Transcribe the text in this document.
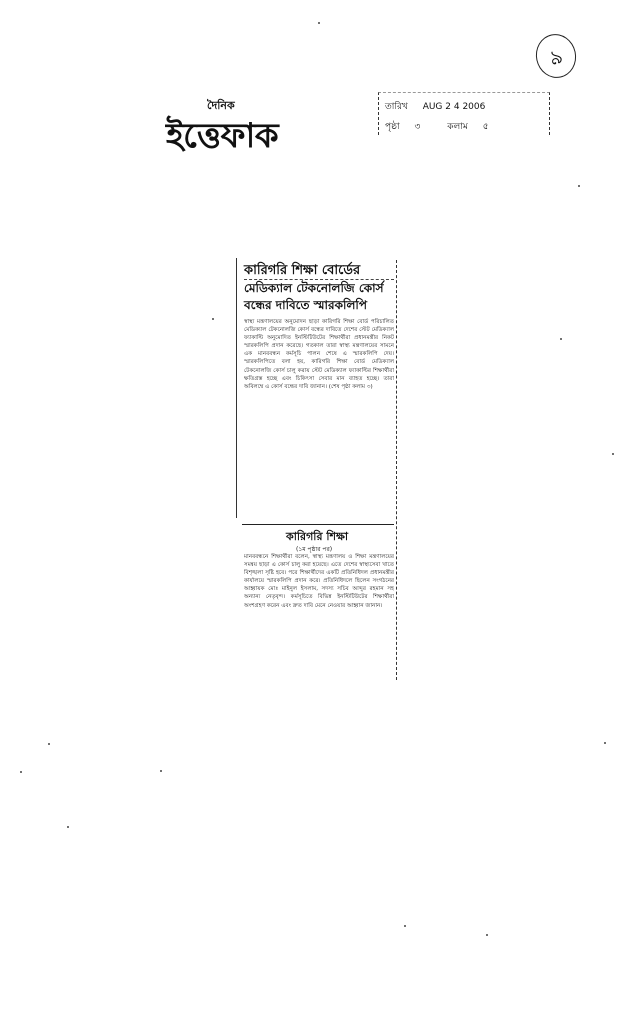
৯
দৈনিক
ইত্তেফাক
তারিখ AUG 2 4 2006
পৃষ্ঠা ৩	কলাম ৫
কারিগরি শিক্ষা বোর্ডের
মেডিক্যাল টেকনোলজি কোর্স
বন্ধের দাবিতে স্মারকলিপি
স্বাস্থ্য মন্ত্রণালয়ের অনুমোদন ছাড়া কারিগরি শিক্ষা বোর্ড পরিচালিত মেডিক্যাল টেকনোলজি কোর্স বন্ধের দাবিতে দেশের স্টেট মেডিক্যাল ফ্যাকাল্টি অনুমোদিত ইনস্টিটিউটের শিক্ষার্থীরা প্রধানমন্ত্রীর নিকট স্মারকলিপি প্রদান করেছে। গতকাল তারা স্বাস্থ্য মন্ত্রণালয়ের সামনে এক মানববন্ধন কর্মসূচি পালন শেষে এ স্মারকলিপি দেয়। স্মারকলিপিতে বলা হয়, কারিগরি শিক্ষা বোর্ড মেডিক্যাল টেকনোলজি কোর্স চালু করায় স্টেট মেডিক্যাল ফ্যাকাল্টির শিক্ষার্থীরা ক্ষতিগ্রস্ত হচ্ছে এবং চিকিৎসা সেবার মান ব্যাহত হচ্ছে। তারা অবিলম্বে এ কোর্স বন্ধের দাবি জানান। (শেষ পৃষ্ঠা কলাম ৩)
কারিগরি শিক্ষা
(১ম পৃষ্ঠার পর)
মানববন্ধনে শিক্ষার্থীরা বলেন, স্বাস্থ্য মন্ত্রণালয় ও শিক্ষা মন্ত্রণালয়ের সমন্বয় ছাড়া এ কোর্স চালু করা হয়েছে। এতে দেশের স্বাস্থ্যসেবা খাতে বিশৃঙ্খলা সৃষ্টি হবে। পরে শিক্ষার্থীদের একটি প্রতিনিধিদল প্রধানমন্ত্রীর কার্যালয়ে স্মারকলিপি প্রদান করে। প্রতিনিধিদলে ছিলেন সংগঠনের আহ্বায়ক মোঃ মাইনুল ইসলাম, সদস্য সচিব আব্দুর রহমান সহ অন্যান্য নেতৃবৃন্দ। কর্মসূচিতে বিভিন্ন ইনস্টিটিউটের শিক্ষার্থীরা অংশগ্রহণ করেন এবং দ্রুত দাবি মেনে নেওয়ার আহ্বান জানান।
